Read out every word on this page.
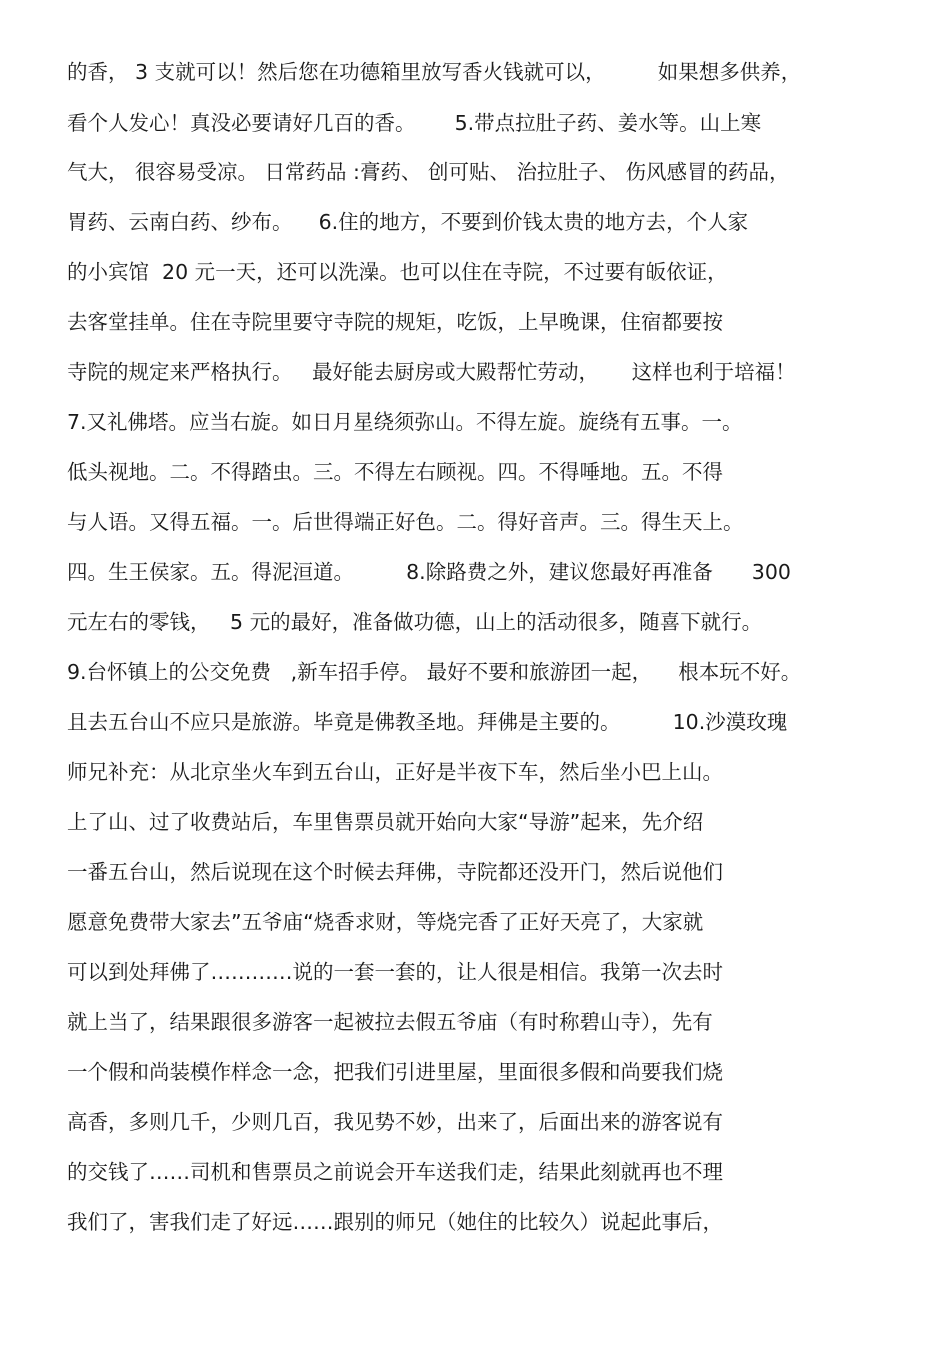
的香， 3 支就可以！然后您在功德箱里放写香火钱就可以，        如果想多供养，
看个人发心！真没必要请好几百的香。      5.带点拉肚子药、姜水等。山上寒
气大， 很容易受凉。 日常药品 :膏药、 创可贴、 治拉肚子、 伤风感冒的药品，
胃药、云南白药、纱布。    6.住的地方，不要到价钱太贵的地方去，个人家
的小宾馆  20 元一天，还可以洗澡。也可以住在寺院，不过要有皈依证，
去客堂挂单。住在寺院里要守寺院的规矩，吃饭，上早晚课，住宿都要按
寺院的规定来严格执行。   最好能去厨房或大殿帮忙劳动，     这样也利于培福！
7.又礼佛塔。应当右旋。如日月星绕须弥山。不得左旋。旋绕有五事。一。
低头视地。二。不得踏虫。三。不得左右顾视。四。不得唾地。五。不得
与人语。又得五福。一。后世得端正好色。二。得好音声。三。得生天上。
四。生王侯家。五。得泥洹道。        8.除路费之外，建议您最好再准备      300
元左右的零钱，   5 元的最好，准备做功德，山上的活动很多，随喜下就行。
9.台怀镇上的公交免费   ,新车招手停。 最好不要和旅游团一起，    根本玩不好。
且去五台山不应只是旅游。毕竟是佛教圣地。拜佛是主要的。        10.沙漠玫瑰
师兄补充：从北京坐火车到五台山，正好是半夜下车，然后坐小巴上山。
上了山、过了收费站后，车里售票员就开始向大家“导游”起来，先介绍
一番五台山，然后说现在这个时候去拜佛，寺院都还没开门，然后说他们
愿意免费带大家去”五爷庙“烧香求财，等烧完香了正好天亮了，大家就
可以到处拜佛了…………说的一套一套的，让人很是相信。我第一次去时
就上当了，结果跟很多游客一起被拉去假五爷庙（有时称碧山寺），先有
一个假和尚装模作样念一念，把我们引进里屋，里面很多假和尚要我们烧
高香，多则几千，少则几百，我见势不妙，出来了，后面出来的游客说有
的交钱了……司机和售票员之前说会开车送我们走，结果此刻就再也不理
我们了，害我们走了好远……跟别的师兄（她住的比较久）说起此事后，
